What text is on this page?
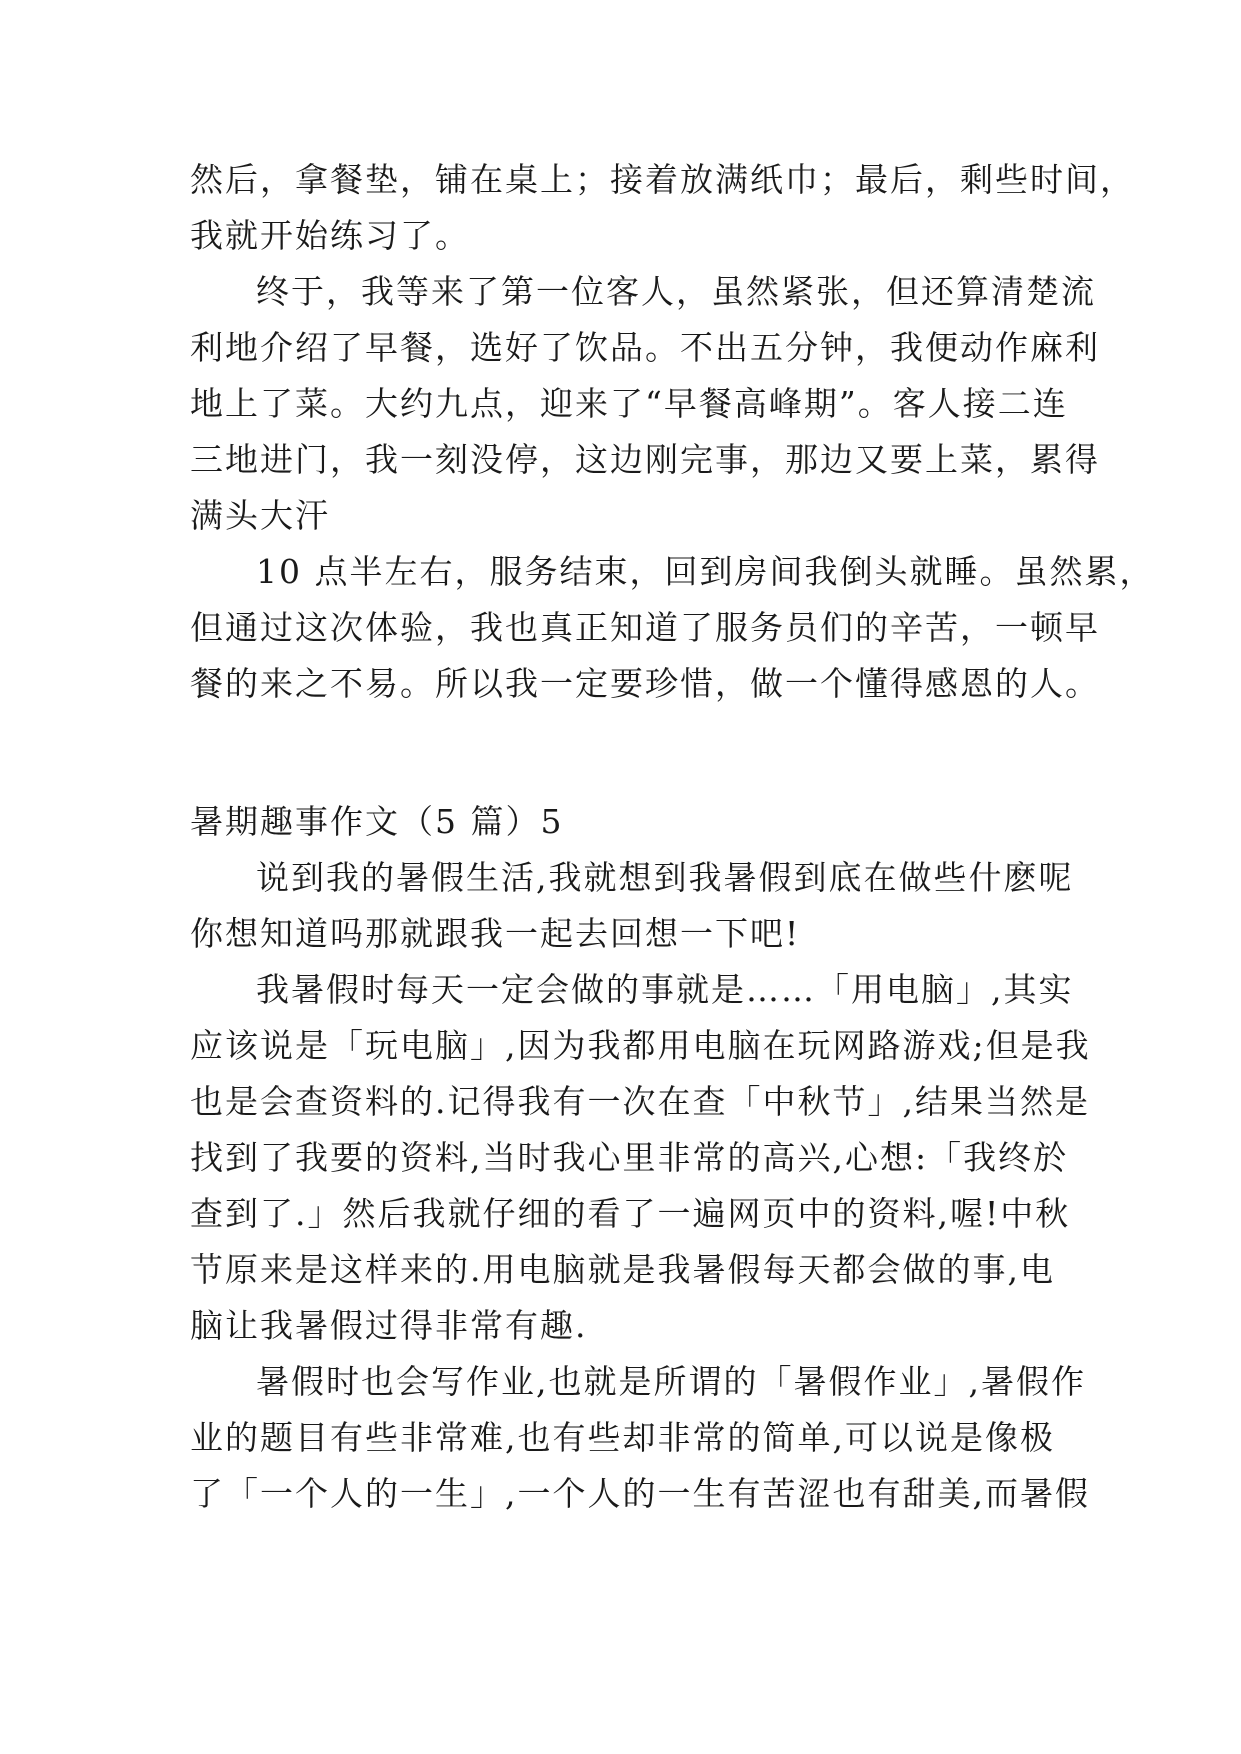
然后，拿餐垫，铺在桌上；接着放满纸巾；最后，剩些时间，
我就开始练习了。
终于，我等来了第一位客人，虽然紧张，但还算清楚流
利地介绍了早餐，选好了饮品。不出五分钟，我便动作麻利
地上了菜。大约九点，迎来了“早餐高峰期”。客人接二连
三地进门，我一刻没停，这边刚完事，那边又要上菜，累得
满头大汗
10 点半左右，服务结束，回到房间我倒头就睡。虽然累，
但通过这次体验，我也真正知道了服务员们的辛苦，一顿早
餐的来之不易。所以我一定要珍惜，做一个懂得感恩的人。
暑期趣事作文（5 篇）5
说到我的暑假生活,我就想到我暑假到底在做些什麽呢
你想知道吗那就跟我一起去回想一下吧!
我暑假时每天一定会做的事就是……「用电脑」,其实
应该说是「玩电脑」,因为我都用电脑在玩网路游戏;但是我
也是会查资料的.记得我有一次在查「中秋节」,结果当然是
找到了我要的资料,当时我心里非常的高兴,心想:「我终於
查到了.」然后我就仔细的看了一遍网页中的资料,喔!中秋
节原来是这样来的.用电脑就是我暑假每天都会做的事,电
脑让我暑假过得非常有趣.
暑假时也会写作业,也就是所谓的「暑假作业」,暑假作
业的题目有些非常难,也有些却非常的简单,可以说是像极
了「一个人的一生」,一个人的一生有苦涩也有甜美,而暑假
